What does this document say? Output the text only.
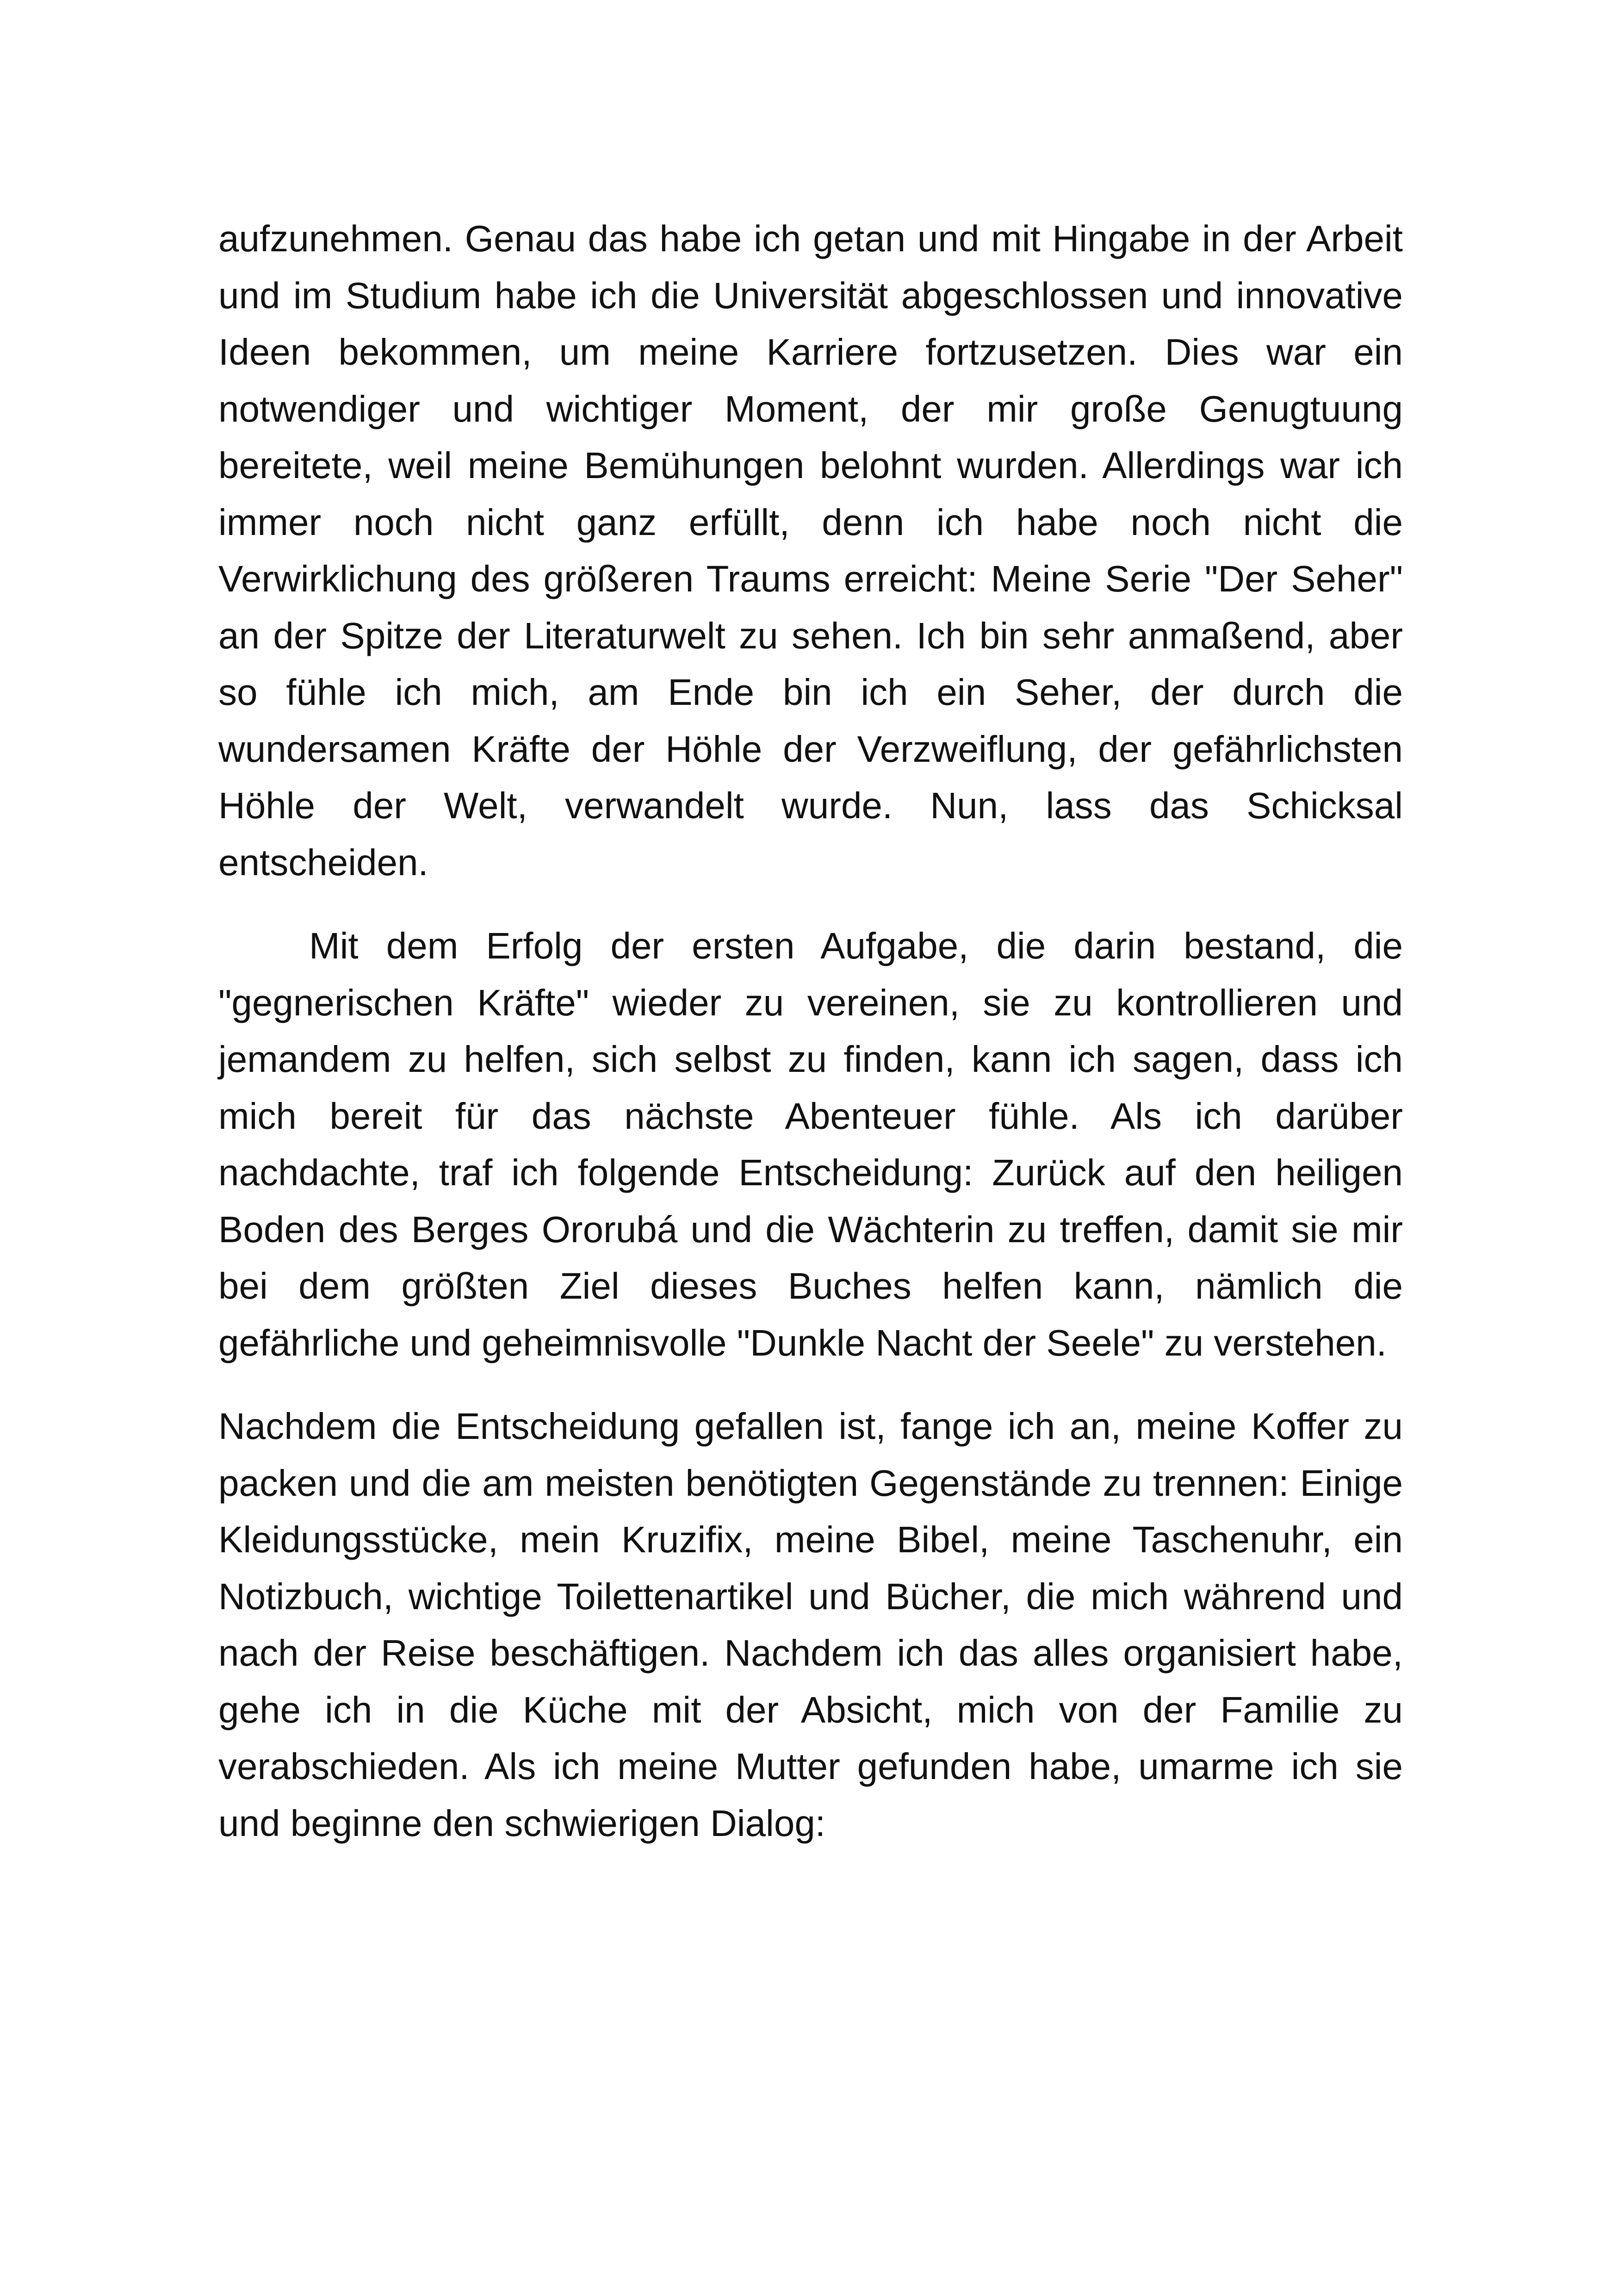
aufzunehmen. Genau das habe ich getan und mit Hingabe in der Arbeit und im Studium habe ich die Universität abgeschlossen und innovative Ideen bekommen, um meine Karriere fortzusetzen. Dies war ein notwendiger und wichtiger Moment, der mir große Genugtuung bereitete, weil meine Bemühungen belohnt wurden. Allerdings war ich immer noch nicht ganz erfüllt, denn ich habe noch nicht die Verwirklichung des größeren Traums erreicht: Meine Serie "Der Seher" an der Spitze der Literaturwelt zu sehen. Ich bin sehr anmaßend, aber so fühle ich mich, am Ende bin ich ein Seher, der durch die wundersamen Kräfte der Höhle der Verzweiflung, der gefährlichsten Höhle der Welt, verwandelt wurde. Nun, lass das Schicksal entscheiden.

Mit dem Erfolg der ersten Aufgabe, die darin bestand, die "gegnerischen Kräfte" wieder zu vereinen, sie zu kontrollieren und jemandem zu helfen, sich selbst zu finden, kann ich sagen, dass ich mich bereit für das nächste Abenteuer fühle. Als ich darüber nachdachte, traf ich folgende Entscheidung: Zurück auf den heiligen Boden des Berges Ororubá und die Wächterin zu treffen, damit sie mir bei dem größten Ziel dieses Buches helfen kann, nämlich die gefährliche und geheimnisvolle "Dunkle Nacht der Seele" zu verstehen.

Nachdem die Entscheidung gefallen ist, fange ich an, meine Koffer zu packen und die am meisten benötigten Gegenstände zu trennen: Einige Kleidungsstücke, mein Kruzifix, meine Bibel, meine Taschenuhr, ein Notizbuch, wichtige Toilettenartikel und Bücher, die mich während und nach der Reise beschäftigen. Nachdem ich das alles organisiert habe, gehe ich in die Küche mit der Absicht, mich von der Familie zu verabschieden. Als ich meine Mutter gefunden habe, umarme ich sie und beginne den schwierigen Dialog:
